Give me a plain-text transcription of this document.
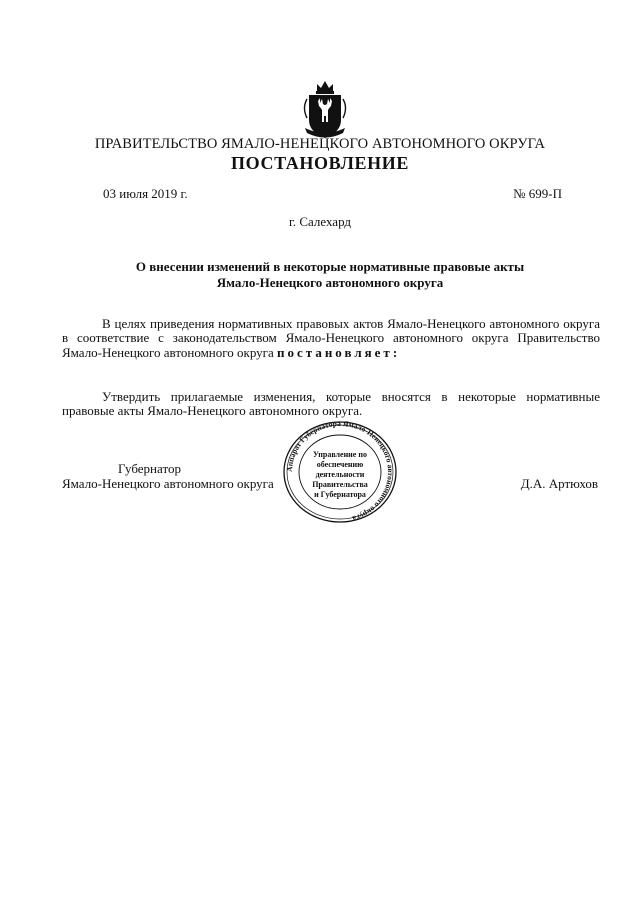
ПРАВИТЕЛЬСТВО ЯМАЛО-НЕНЕЦКОГО АВТОНОМНОГО ОКРУГА
ПОСТАНОВЛЕНИЕ
03 июля 2019 г.	№ 699-П
г. Салехард
О внесении изменений в некоторые нормативные правовые акты
Ямало-Ненецкого автономного округа
В целях приведения нормативных правовых актов Ямало-Ненецкого автономного округа в соответствие с законодательством Ямало-Ненецкого автономного округа Правительство Ямало-Ненецкого автономного округа постановляет:
Утвердить прилагаемые изменения, которые вносятся в некоторые нормативные правовые акты Ямало-Ненецкого автономного округа.
Губернатор
Ямало-Ненецкого автономного округа	Д.А. Артюхов
Аппарат Губернатора Ямало-Ненецкого автономного округа
Управление по
обеспечению
деятельности
Правительства
и Губернатора
